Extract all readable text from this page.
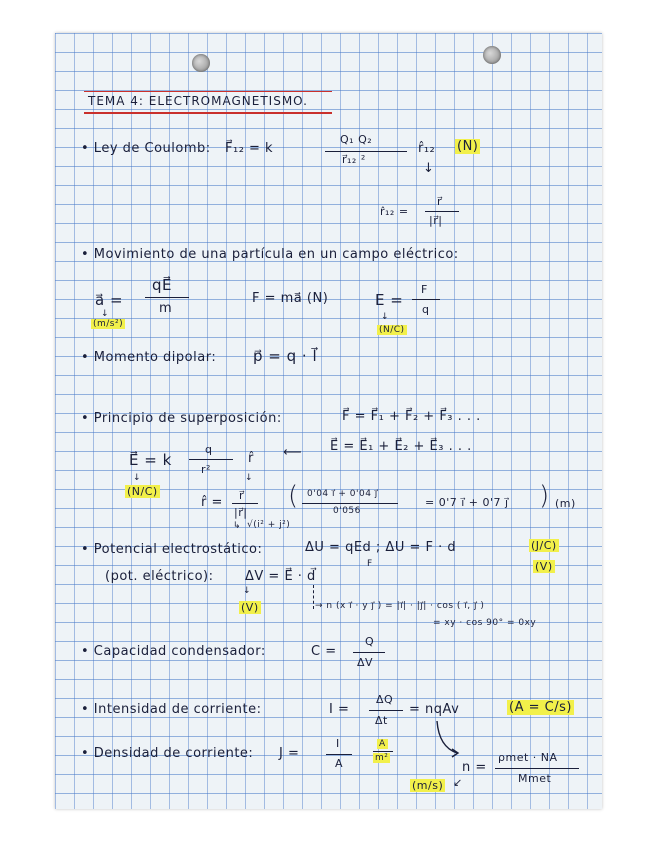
TEMA 4: ELECTROMAGNETISMO.
• Ley de Coulomb: F⃗₁₂ = k
Q₁ Q₂
r⃗₁₂ ²
r̂₁₂ (N)
↓
r̂₁₂ =
r⃗
|r⃗|
• Movimiento de una partícula en un campo eléctrico:
a⃗ =
qE⃗
m
↓
(m/s²)
F = ma⃗ (N)	E =
F
q
↓
(N/C)
• Momento dipolar: p⃗ = q · l⃗
• Principio de superposición:	F⃗ = F⃗₁ + F⃗₂ + F⃗₃ . . .
⟵ E⃗ = E⃗₁ + E⃗₂ + E⃗₃ . . .
E⃗ = k
q
r²
r̂
↓
(N/C)
↓
r̂ = r⃗
|r⃗|
↳ √(i² + j²)
( 0'04 i⃗ + 0'04 j⃗
0'056
= 0'7 i⃗ + 0'7 j⃗ ) (m)
• Potencial electrostático:	ΔU = qEd ; ΔU = F · d
F
(J/C)
(V)
(pot. eléctrico): ΔV = E⃗ · d⃗
↓
(V)	→ n (x i⃗ · y j⃗ ) = |i⃗| · |j⃗| · cos ( i⃗, j⃗ )
= xy · cos 90° = 0xy
• Capacidad condensador:	C =
Q
ΔV
• Intensidad de corriente:	I =
ΔQ
Δt
= nqAv	(A = C/s)
• Densidad de corriente: J =
I
A
A
m²
n =
ρmet · NA
Mmet
(m/s) ↙
